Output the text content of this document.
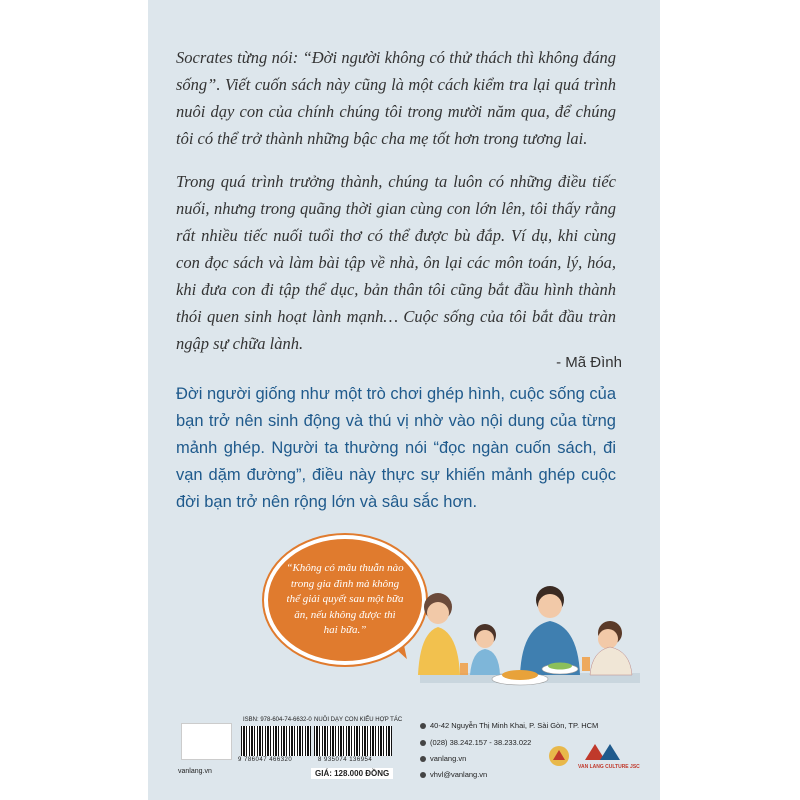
Socrates từng nói: “Đời người không có thử thách thì không đáng sống”. Viết cuốn sách này cũng là một cách kiểm tra lại quá trình nuôi dạy con của chính chúng tôi trong mười năm qua, để chúng tôi có thể trở thành những bậc cha mẹ tốt hơn trong tương lai.

Trong quá trình trưởng thành, chúng ta luôn có những điều tiếc nuối, nhưng trong quãng thời gian cùng con lớn lên, tôi thấy rằng rất nhiều tiếc nuối tuổi thơ có thể được bù đắp. Ví dụ, khi cùng con đọc sách và làm bài tập về nhà, ôn lại các môn toán, lý, hóa, khi đưa con đi tập thể dục, bản thân tôi cũng bắt đầu hình thành thói quen sinh hoạt lành mạnh… Cuộc sống của tôi bắt đầu tràn ngập sự chữa lành.

- Mã Đình

Đời người giống như một trò chơi ghép hình, cuộc sống của bạn trở nên sinh động và thú vị nhờ vào nội dung của từng mảnh ghép. Người ta thường nói “đọc ngàn cuốn sách, đi vạn dặm đường”, điều này thực sự khiến mảnh ghép cuộc đời bạn trở nên rộng lớn và sâu sắc hơn.

“Không có mâu thuẫn nào trong gia đình mà không thể giải quyết sau một bữa ăn, nếu không được thì hai bữa.”

vanlang.vn
ISBN: 978-604-74-6632-0 NUÔI DẠY CON KIỂU HỢP TÁC
9 786047 466320	8 935074 136954
GIÁ: 128.000 ĐỒNG
40-42 Nguyễn Thị Minh Khai, P. Sài Gòn, TP. HCM
(028) 38.242.157 - 38.233.022
vanlang.vn
vhvl@vanlang.vn
VAN LANG CULTURE JSC
